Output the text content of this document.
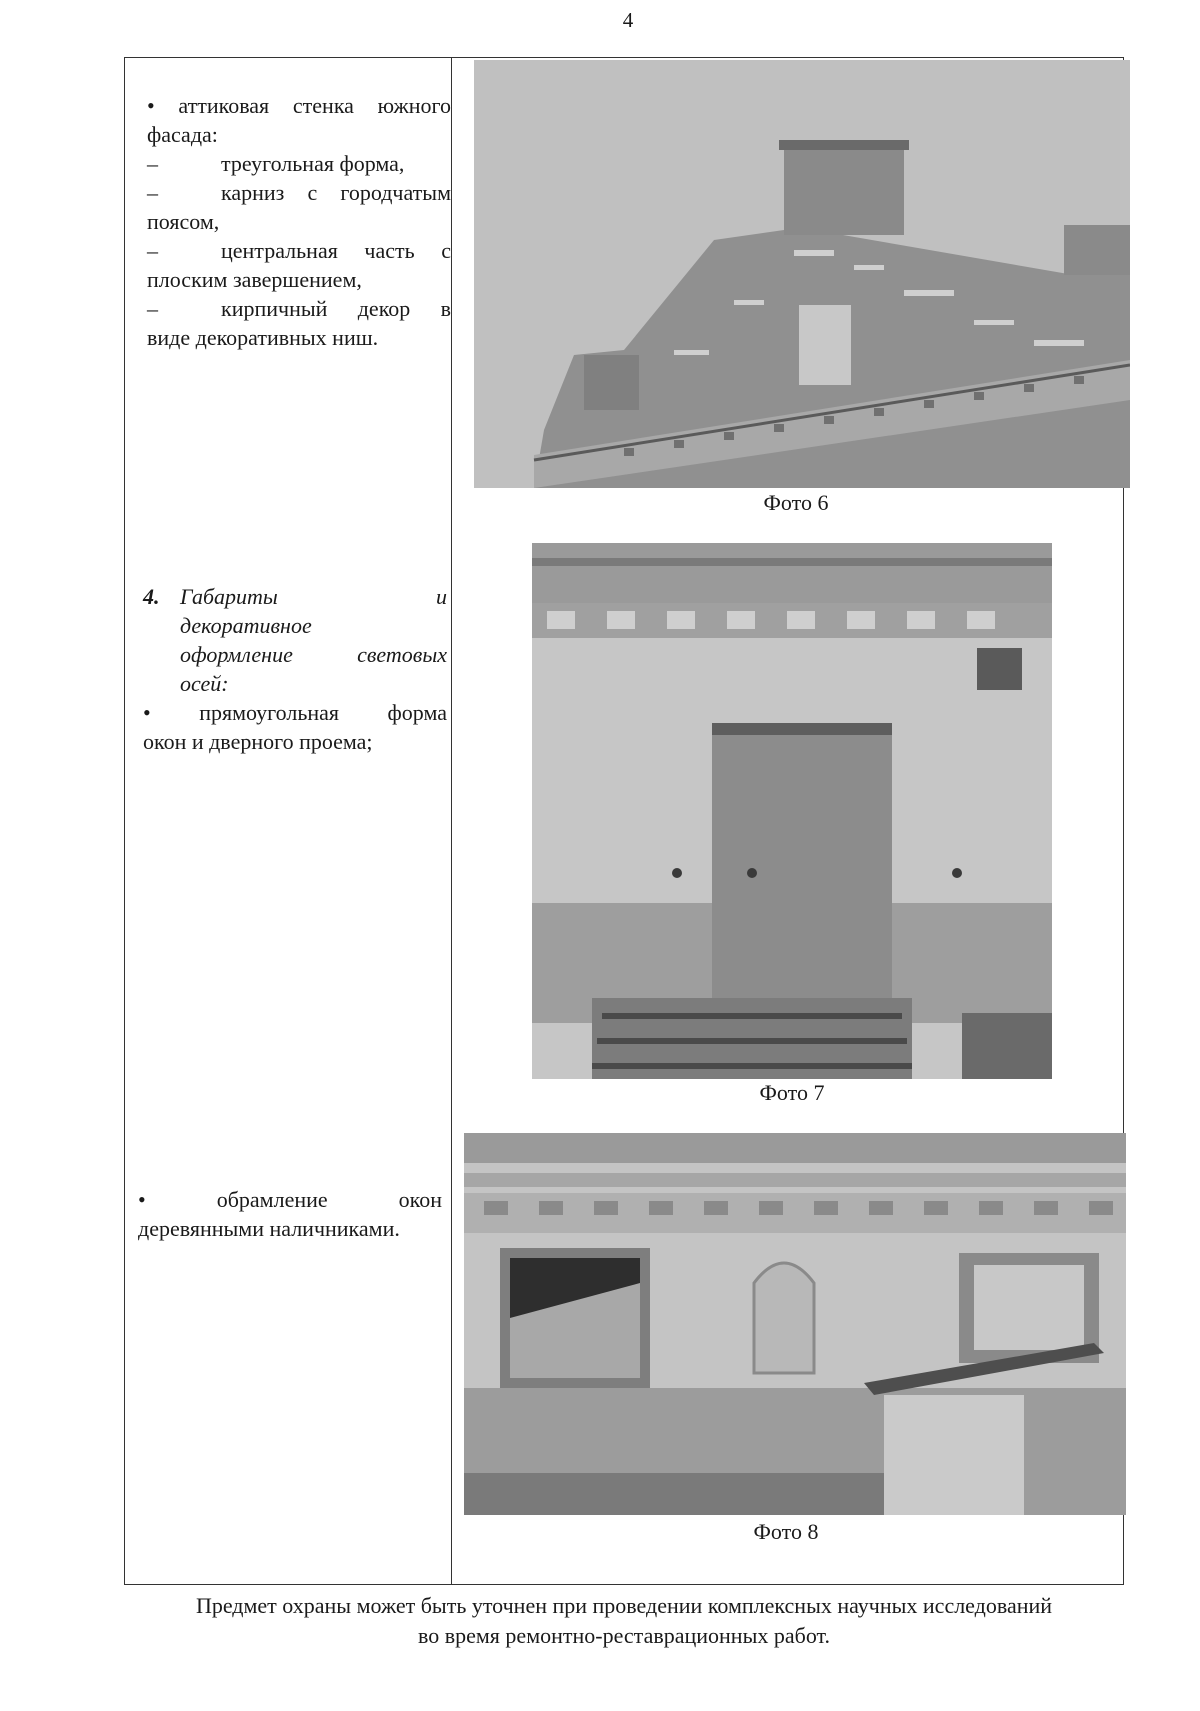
4

• аттиковая стенка южного

фасада:

–	треугольная форма,
–	карниз с городчатым

поясом,

–	центральная часть с

плоским завершением,

–	кирпичный декор в

виде декоративных ниш.

4. Габариты и

декоративное

оформление световых

осей:

• прямоугольная форма

окон и дверного проема;

• обрамление окон

деревянными наличниками.

Фото 6
Фото 7
Фото 8
Предмет охраны может быть уточнен при проведении комплексных научных исследований
во время ремонтно-реставрационных работ.
